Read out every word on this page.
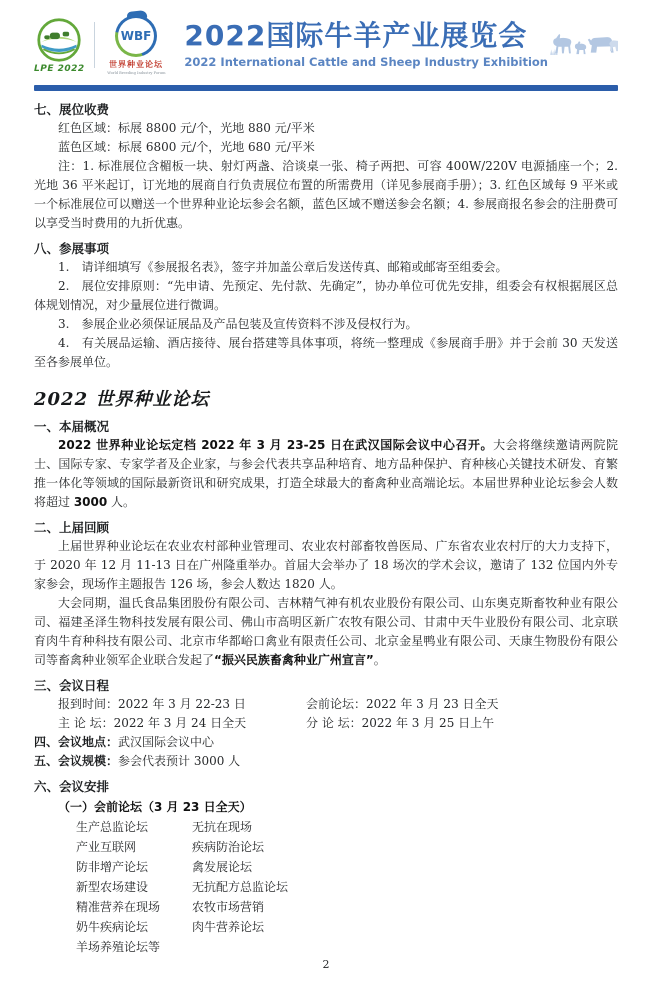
LPE 2022
WBF
世界种业论坛
World Breeding Industry Forum
2022国际牛羊产业展览会
2022 International Cattle and Sheep Industry Exhibition
七、展位收费
红色区域：标展 8800 元/个，光地 880 元/平米
蓝色区域：标展 6800 元/个，光地 680 元/平米
注：1. 标准展位含楣板一块、射灯两盏、洽谈桌一张、椅子两把、可容 400W/220V 电源插座一个；2. 光地 36 平米起订，订光地的展商自行负责展位布置的所需费用（详见参展商手册）；3. 红色区域每 9 平米或一个标准展位可以赠送一个世界种业论坛参会名额，蓝色区域不赠送参会名额；4. 参展商报名参会的注册费可以享受当时费用的九折优惠。
八、参展事项
1.　请详细填写《参展报名表》，签字并加盖公章后发送传真、邮箱或邮寄至组委会。
2.　展位安排原则：“先申请、先预定、先付款、先确定”，协办单位可优先安排，组委会有权根据展区总体规划情况，对少量展位进行微调。
3.　参展企业必须保证展品及产品包装及宣传资料不涉及侵权行为。
4.　有关展品运输、酒店接待、展台搭建等具体事项，将统一整理成《参展商手册》并于会前 30 天发送至各参展单位。
2022 世界种业论坛
一、本届概况
2022 世界种业论坛定档 2022 年 3 月 23-25 日在武汉国际会议中心召开。大会将继续邀请两院院士、国际专家、专家学者及企业家，与参会代表共享品种培育、地方品种保护、育种核心关键技术研发、育繁推一体化等领域的国际最新资讯和研究成果，打造全球最大的畜禽种业高端论坛。本届世界种业论坛参会人数将超过 3000 人。
二、上届回顾
上届世界种业论坛在农业农村部种业管理司、农业农村部畜牧兽医局、广东省农业农村厅的大力支持下，于 2020 年 12 月 11-13 日在广州隆重举办。首届大会举办了 18 场次的学术会议，邀请了 132 位国内外专家参会，现场作主题报告 126 场，参会人数达 1820 人。
大会同期，温氏食品集团股份有限公司、吉林精气神有机农业股份有限公司、山东奥克斯畜牧种业有限公司、福建圣泽生物科技发展有限公司、佛山市高明区新广农牧有限公司、甘肃中天牛业股份有限公司、北京联育肉牛育种科技有限公司、北京市华都峪口禽业有限责任公司、北京金星鸭业有限公司、天康生物股份有限公司等畜禽种业领军企业联合发起了“振兴民族畜禽种业广州宣言”。
三、会议日程
报到时间：2022 年 3 月 22-23 日	会前论坛：2022 年 3 月 23 日全天
主 论 坛：2022 年 3 月 24 日全天	分 论 坛：2022 年 3 月 25 日上午
四、会议地点：武汉国际会议中心
五、会议规模：参会代表预计 3000 人
六、会议安排
（一）会前论坛（3 月 23 日全天）
生产总监论坛	无抗在现场
产业互联网	疾病防治论坛
防非增产论坛	禽发展论坛
新型农场建设	无抗配方总监论坛
精准营养在现场	农牧市场营销
奶牛疾病论坛	肉牛营养论坛
羊场养殖论坛等
2
